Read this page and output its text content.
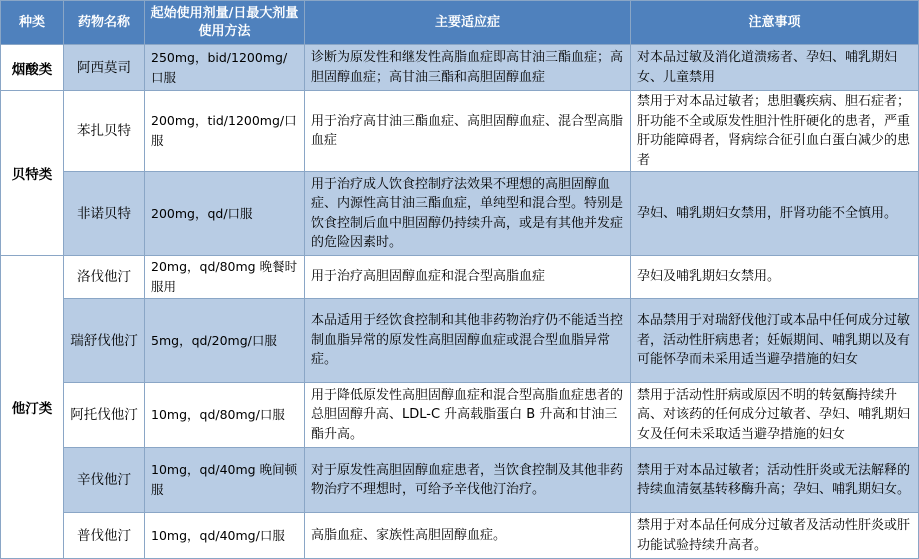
种类	药物名称	起始使用剂量/日最大剂量使用方法	主要适应症	注意事项
烟酸类	阿西莫司	250mg，bid/1200mg/口服	诊断为原发性和继发性高脂血症即高甘油三酯血症；高胆固醇血症；高甘油三酯和高胆固醇血症	对本品过敏及消化道溃疡者、孕妇、哺乳期妇女、儿童禁用
贝特类	苯扎贝特	200mg，tid/1200mg/口服	用于治疗高甘油三酯血症、高胆固醇血症、混合型高脂血症	禁用于对本品过敏者；患胆囊疾病、胆石症者；肝功能不全或原发性胆汁性肝硬化的患者，严重肝功能障碍者，肾病综合征引血白蛋白减少的患者
	非诺贝特	200mg，qd/口服	用于治疗成人饮食控制疗法效果不理想的高胆固醇血症、内源性高甘油三酯血症，单纯型和混合型。特别是饮食控制后血中胆固醇仍持续升高，或是有其他并发症的危险因素时。	孕妇、哺乳期妇女禁用，肝肾功能不全慎用。
他汀类	洛伐他汀	20mg，qd/80mg 晚餐时服用	用于治疗高胆固醇血症和混合型高脂血症	孕妇及哺乳期妇女禁用。
	瑞舒伐他汀	5mg，qd/20mg/口服	本品适用于经饮食控制和其他非药物治疗仍不能适当控制血脂异常的原发性高胆固醇血症或混合型血脂异常症。	本品禁用于对瑞舒伐他汀或本品中任何成分过敏者，活动性肝病患者；妊娠期间、哺乳期以及有可能怀孕而未采用适当避孕措施的妇女
	阿托伐他汀	10mg，qd/80mg/口服	用于降低原发性高胆固醇血症和混合型高脂血症患者的总胆固醇升高、LDL-C 升高载脂蛋白 B 升高和甘油三酯升高。	禁用于活动性肝病或原因不明的转氨酶持续升高、对该药的任何成分过敏者、孕妇、哺乳期妇女及任何未采取适当避孕措施的妇女
	辛伐他汀	10mg，qd/40mg 晚间顿服	对于原发性高胆固醇血症患者，当饮食控制及其他非药物治疗不理想时，可给予辛伐他汀治疗。	禁用于对本品过敏者；活动性肝炎或无法解释的持续血清氨基转移酶升高；孕妇、哺乳期妇女。
	普伐他汀	10mg，qd/40mg/口服	高脂血症、家族性高胆固醇血症。	禁用于对本品任何成分过敏者及活动性肝炎或肝功能试验持续升高者。
